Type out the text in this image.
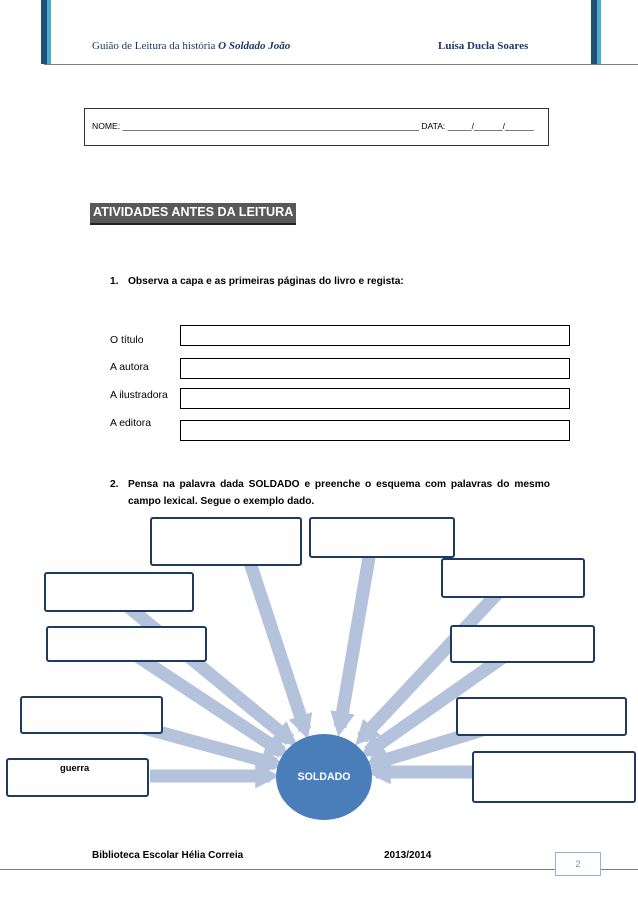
Guião de Leitura da história O Soldado João	Luísa Ducla Soares
NOME: ______________________________________________________________ DATA: _____/______/______
ATIVIDADES ANTES DA LEITURA
1. Observa a capa e as primeiras páginas do livro e regista:
O título
A autora
A ilustradora
A editora
2. Pensa na palavra dada SOLDADO e preenche o esquema com palavras do mesmo campo lexical. Segue o exemplo dado.
guerra
SOLDADO
Biblioteca Escolar Hélia Correia	2013/2014
2
